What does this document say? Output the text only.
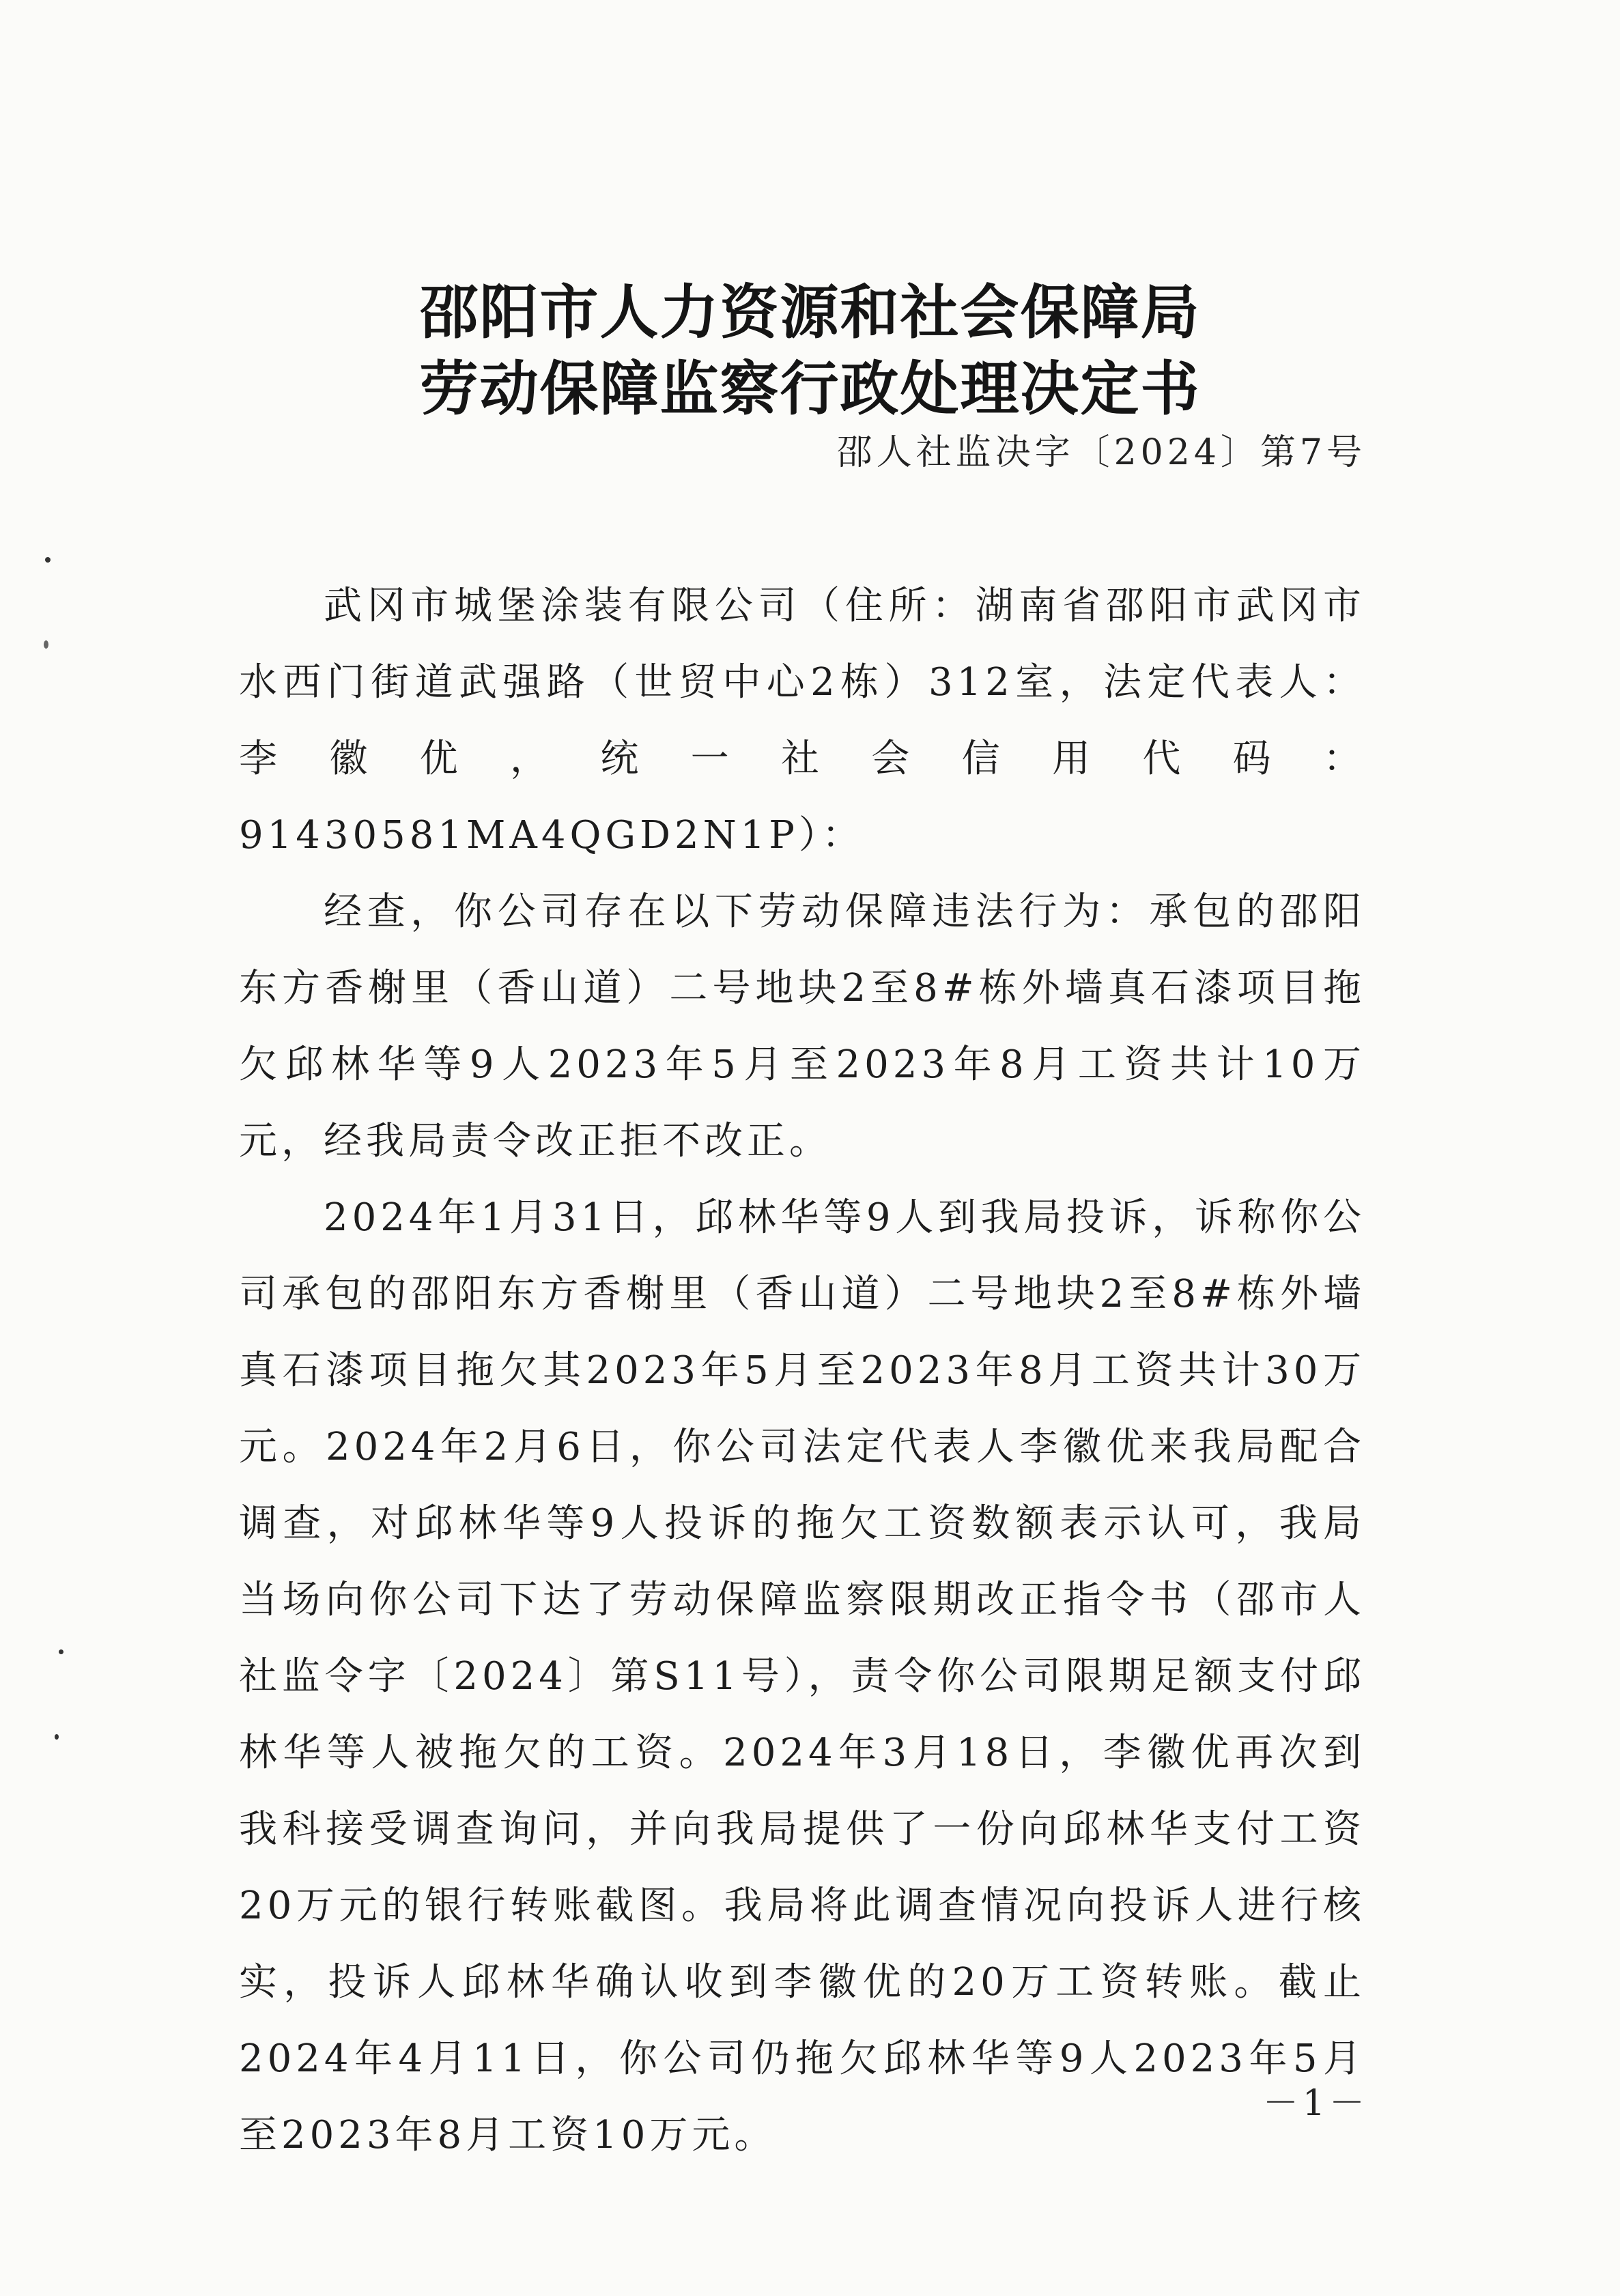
邵阳市人力资源和社会保障局
劳动保障监察行政处理决定书
邵人社监决字〔2024〕第7号

武冈市城堡涂装有限公司（住所：湖南省邵阳市武冈市水西门街道武强路（世贸中心2栋）312室，法定代表人：李徽优，统一社会信用代码：91430581MA4QGD2N1P）：

经查，你公司存在以下劳动保障违法行为：承包的邵阳东方香榭里（香山道）二号地块2至8#栋外墙真石漆项目拖欠邱林华等9人2023年5月至2023年8月工资共计10万元，经我局责令改正拒不改正。

2024年1月31日，邱林华等9人到我局投诉，诉称你公司承包的邵阳东方香榭里（香山道）二号地块2至8#栋外墙真石漆项目拖欠其2023年5月至2023年8月工资共计30万元。2024年2月6日，你公司法定代表人李徽优来我局配合调查，对邱林华等9人投诉的拖欠工资数额表示认可，我局当场向你公司下达了劳动保障监察限期改正指令书（邵市人社监令字〔2024〕第S11号），责令你公司限期足额支付邱林华等人被拖欠的工资。2024年3月18日，李徽优再次到我科接受调查询问，并向我局提供了一份向邱林华支付工资20万元的银行转账截图。我局将此调查情况向投诉人进行核实，投诉人邱林华确认收到李徽优的20万工资转账。截止2024年4月11日，你公司仍拖欠邱林华等9人2023年5月至2023年8月工资10万元。

－1－
